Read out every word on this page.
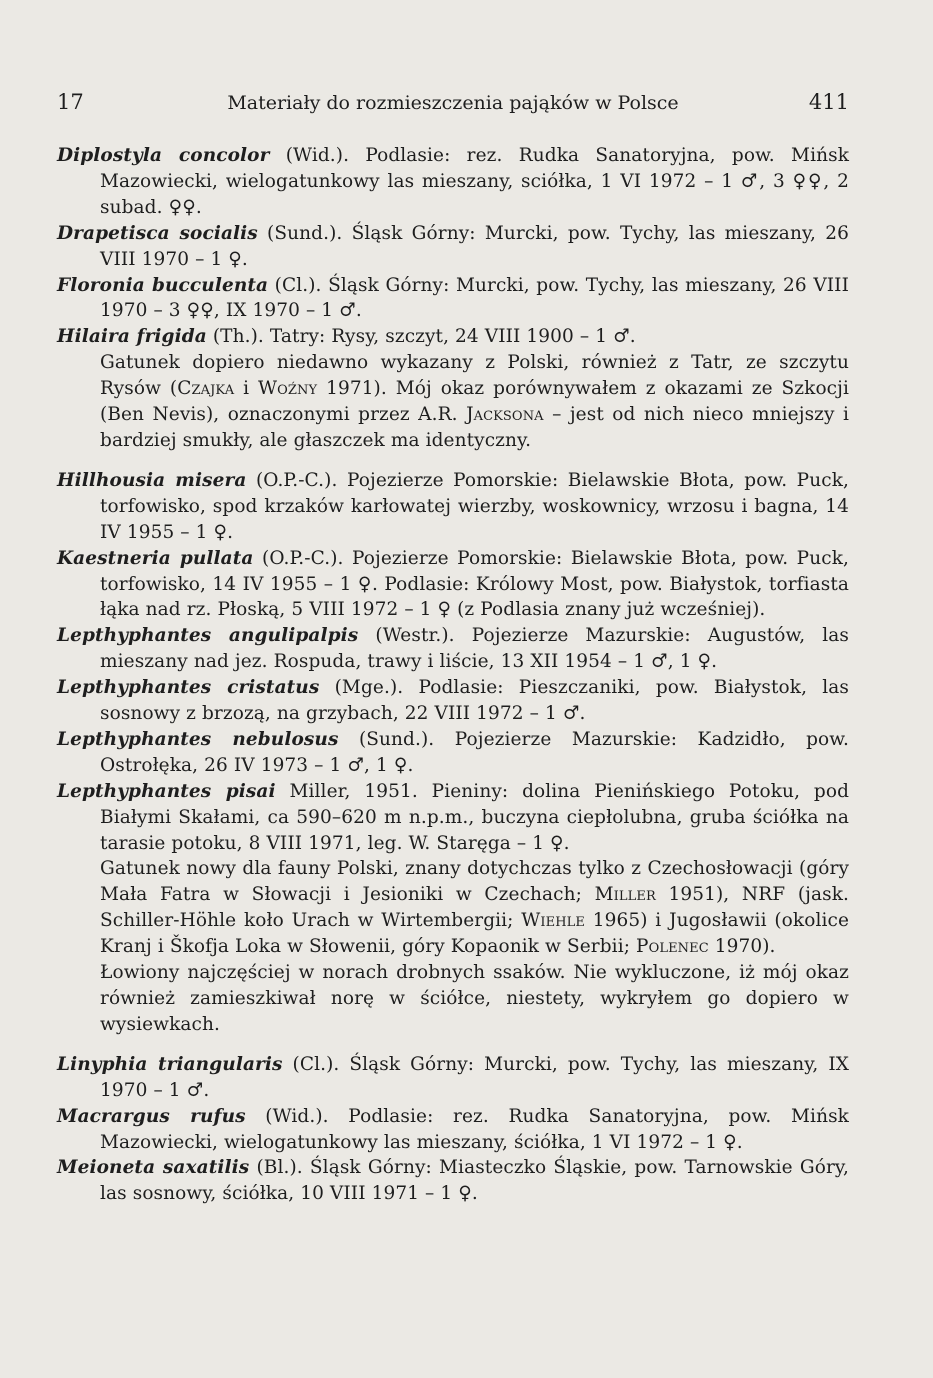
17	Materiały do rozmieszczenia pająków w Polsce	411

Diplostyla concolor (Wid.). Podlasie: rez. Rudka Sanatoryjna, pow. Mińsk Mazowiecki, wielogatunkowy las mieszany, sciółka, 1 VI 1972 – 1 ♂, 3 ♀♀, 2 subad. ♀♀.

Drapetisca socialis (Sund.). Śląsk Górny: Murcki, pow. Tychy, las mieszany, 26 VIII 1970 – 1 ♀.

Floronia bucculenta (Cl.). Śląsk Górny: Murcki, pow. Tychy, las mieszany, 26 VIII 1970 – 3 ♀♀, IX 1970 – 1 ♂.

Hilaira frigida (Th.). Tatry: Rysy, szczyt, 24 VIII 1900 – 1 ♂.

Gatunek dopiero niedawno wykazany z Polski, również z Tatr, ze szczytu Rysów (Czajka i Woźny 1971). Mój okaz porównywałem z okazami ze Szkocji (Ben Nevis), oznaczonymi przez A.R. Jacksona – jest od nich nieco mniejszy i bardziej smukły, ale głaszczek ma identyczny.

Hillhousia misera (O.P.-C.). Pojezierze Pomorskie: Bielawskie Błota, pow. Puck, torfowisko, spod krzaków karłowatej wierzby, woskownicy, wrzosu i bagna, 14 IV 1955 – 1 ♀.

Kaestneria pullata (O.P.-C.). Pojezierze Pomorskie: Bielawskie Błota, pow. Puck, torfowisko, 14 IV 1955 – 1 ♀. Podlasie: Królowy Most, pow. Białystok, torfiasta łąka nad rz. Płoską, 5 VIII 1972 – 1 ♀ (z Podlasia znany już wcześniej).

Lepthyphantes angulipalpis (Westr.). Pojezierze Mazurskie: Augustów, las mieszany nad jez. Rospuda, trawy i liście, 13 XII 1954 – 1 ♂, 1 ♀.

Lepthyphantes cristatus (Mge.). Podlasie: Pieszczaniki, pow. Białystok, las sosnowy z brzozą, na grzybach, 22 VIII 1972 – 1 ♂.

Lepthyphantes nebulosus (Sund.). Pojezierze Mazurskie: Kadzidło, pow. Ostrołęka, 26 IV 1973 – 1 ♂, 1 ♀.

Lepthyphantes pisai Miller, 1951. Pieniny: dolina Pienińskiego Potoku, pod Białymi Skałami, ca 590–620 m n.p.m., buczyna ciepłolubna, gruba ściółka na tarasie potoku, 8 VIII 1971, leg. W. Staręga – 1 ♀.

Gatunek nowy dla fauny Polski, znany dotychczas tylko z Czechosłowacji (góry Mała Fatra w Słowacji i Jesioniki w Czechach; Miller 1951), NRF (jask. Schiller-Höhle koło Urach w Wirtembergii; Wiehle 1965) i Jugosławii (okolice Kranj i Škofja Loka w Słowenii, góry Kopaonik w Serbii; Polenec 1970).

Łowiony najczęściej w norach drobnych ssaków. Nie wykluczone, iż mój okaz również zamieszkiwał norę w ściółce, niestety, wykryłem go dopiero w wysiewkach.

Linyphia triangularis (Cl.). Śląsk Górny: Murcki, pow. Tychy, las mieszany, IX 1970 – 1 ♂.

Macrargus rufus (Wid.). Podlasie: rez. Rudka Sanatoryjna, pow. Mińsk Mazowiecki, wielogatunkowy las mieszany, ściółka, 1 VI 1972 – 1 ♀.

Meioneta saxatilis (Bl.). Śląsk Górny: Miasteczko Śląskie, pow. Tarnowskie Góry, las sosnowy, ściółka, 10 VIII 1971 – 1 ♀.
